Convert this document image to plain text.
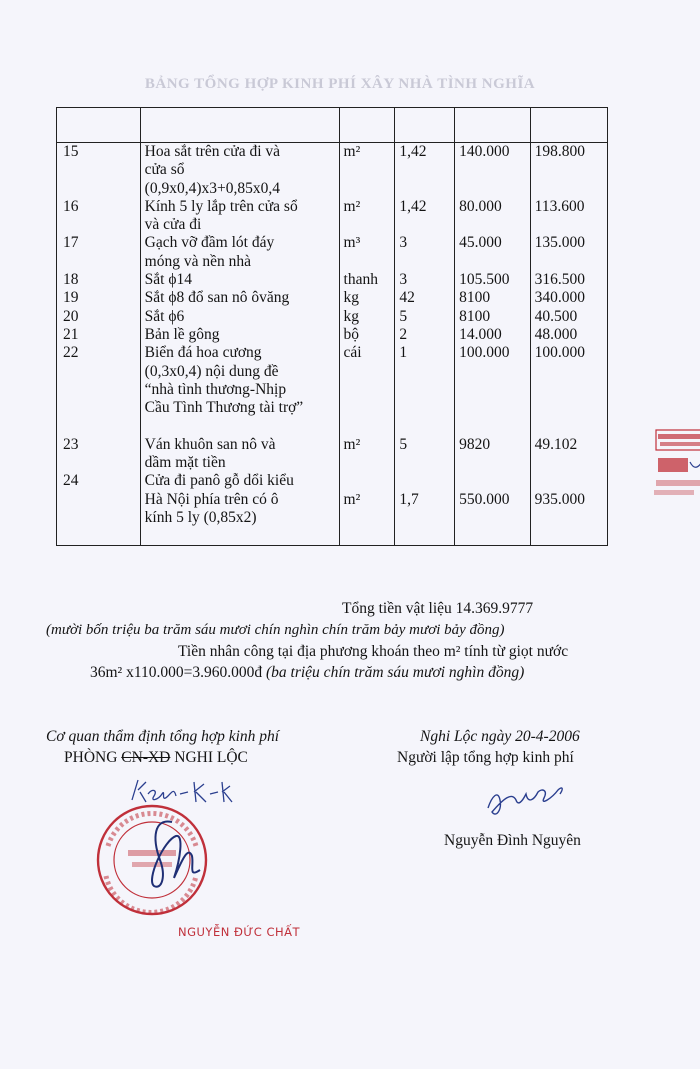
BẢNG TỔNG HỢP KINH PHÍ XÂY NHÀ TÌNH NGHĨA

15	Hoa sắt trên cửa đi và
cửa sổ
(0,9x0,4)x3+0,85x0,4	m²	1,42	140.000	198.800

16	Kính 5 ly lắp trên cửa sổ
và cửa đi	m²	1,42	80.000	113.600

17	Gạch vỡ đầm lót đáy
móng và nền nhà	m³	3	45.000	135.000

18	Sắt ϕ14	thanh	3	105.500	316.500

19	Sắt ϕ8 đổ san nô ôvăng	kg	42	8100	340.000

20	Sắt ϕ6	kg	5	8100	40.500

21	Bản lề gông	bộ	2	14.000	48.000

22	Biển đá hoa cương
(0,3x0,4) nội dung đề
“nhà tình thương-Nhịp
Cầu Tình Thương tài trợ”	cái	1	100.000	100.000

23	Ván khuôn san nô và
dầm mặt tiền	m²	5	9820	49.102

24	Cửa đi panô gỗ dổi kiểu
Hà Nội phía trên có ô
kính 5 ly (0,85x2)	m²	1,7	550.000	935.000
Tổng tiền vật liệu 14.369.9777
(mười bốn triệu ba trăm sáu mươi chín nghìn chín trăm bảy mươi bảy đồng)
Tiền nhân công tại địa phương khoán theo m² tính từ giọt nước
36m² x110.000=3.960.000đ (ba triệu chín trăm sáu mươi nghìn đồng)
Cơ quan thẩm định tổng hợp kinh phí
PHÒNG CN-XD NGHI LỘC
Nghi Lộc ngày 20-4-2006
Người lập tổng hợp kinh phí
Nguyễn Đình Nguyên
NGUYỄN ĐỨC CHẤT
